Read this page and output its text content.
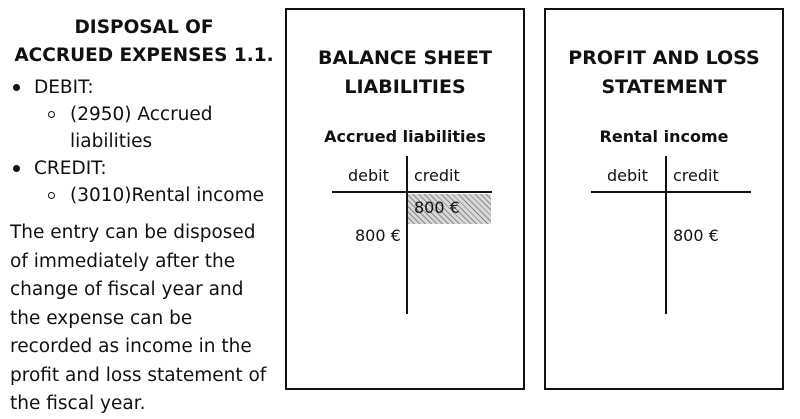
DISPOSAL OF
ACCRUED EXPENSES 1.1.
DEBIT:
(2950) Accrued liabilities
CREDIT:
(3010)Rental income

The entry can be disposed of immediately after the change of fiscal year and the expense can be recorded as income in the profit and loss statement of the fiscal year.

BALANCE SHEET
LIABILITIES
Accrued liabilities
debit credit
800 €
800 €
PROFIT AND LOSS
STATEMENT
Rental income
debit credit
800 €
